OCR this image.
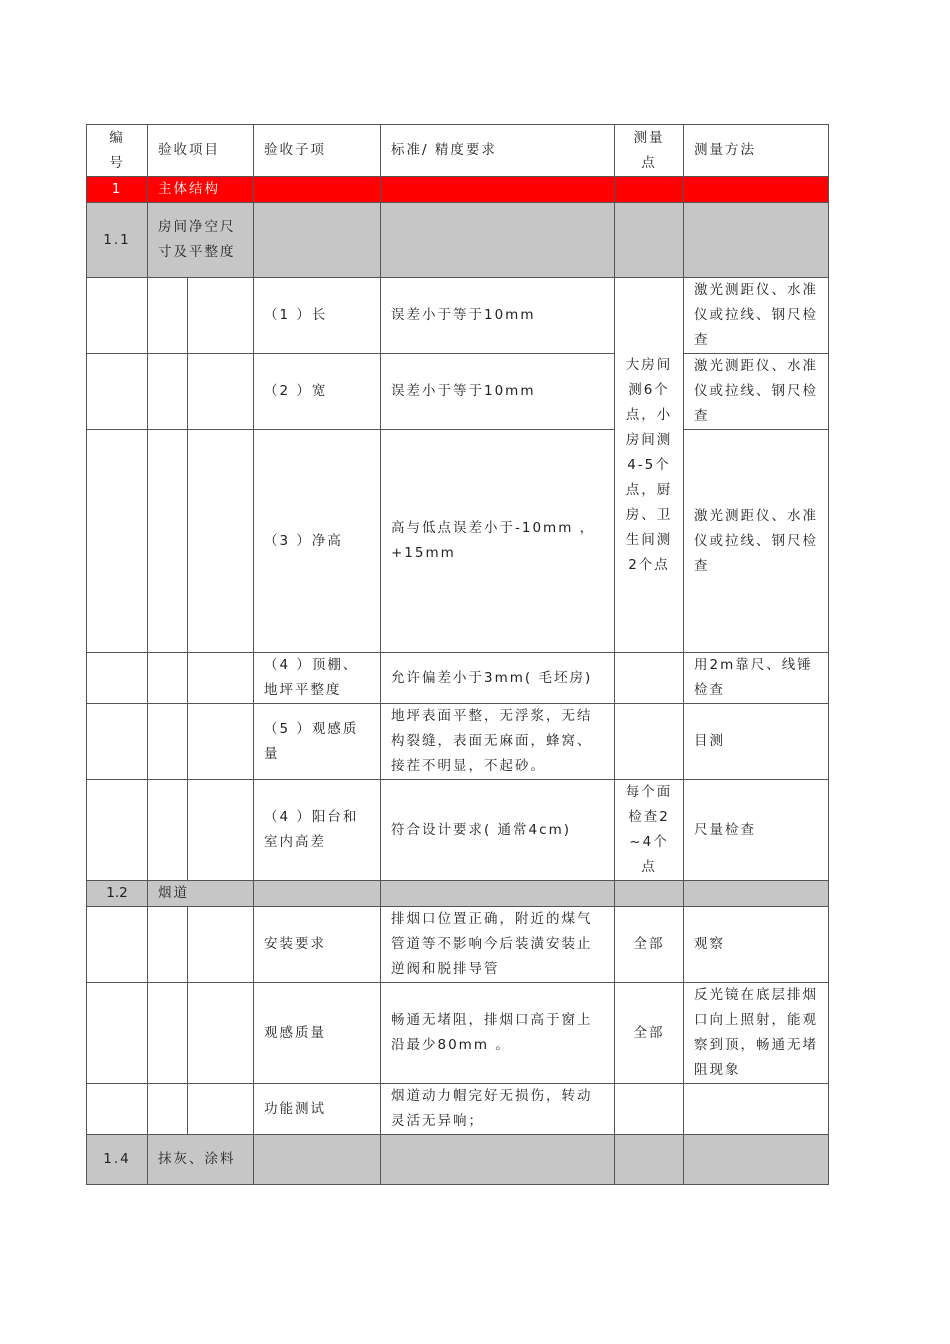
编号	验收项目		验收子项	标准/ 精度要求	测量点	测量方法
1	主体结构					
1.1	房间净空尺寸及平整度					
			（1 ）长	误差小于等于10mm	大房间测6个点，小房间测4-5个点，厨房、卫生间测2个点	激光测距仪、水准仪或拉线、钢尺检查
			（2 ）宽	误差小于等于10mm		激光测距仪、水准仪或拉线、钢尺检查
			（3 ）净高	高与低点误差小于-10mm ，+15mm		激光测距仪、水准仪或拉线、钢尺检查
			（4 ）顶棚、地坪平整度	允许偏差小于3mm( 毛坯房)		用2m靠尺、线锤检查
			（5 ）观感质量	地坪表面平整，无浮浆，无结构裂缝，表面无麻面，蜂窝、接茬不明显，不起砂。		目测
			（4 ）阳台和室内高差	符合设计要求( 通常4cm)	每个面检查2~4个点	尺量检查
1.2	烟道					
			安装要求	排烟口位置正确，附近的煤气管道等不影响今后装潢安装止逆阀和脱排导管	全部	观察
			观感质量	畅通无堵阻，排烟口高于窗上沿最少80mm 。	全部	反光镜在底层排烟口向上照射，能观察到顶，畅通无堵阻现象
			功能测试	烟道动力帽完好无损伤，转动灵活无异响；		
1.4	抹灰、涂料					
